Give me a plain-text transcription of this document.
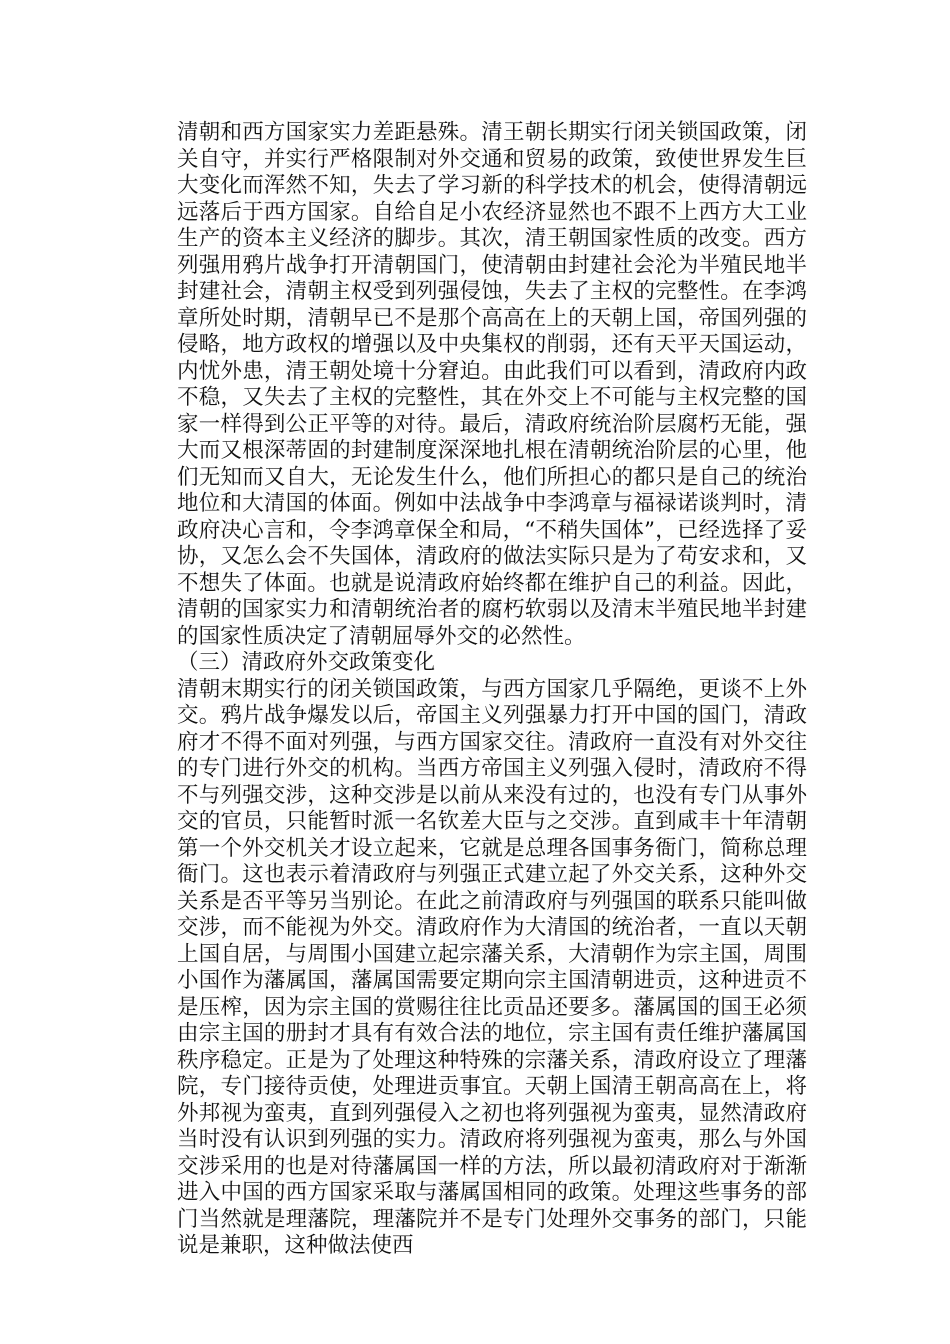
清朝和西方国家实力差距悬殊。清王朝长期实行闭关锁国政策，闭关自守，并实行严格限制对外交通和贸易的政策，致使世界发生巨大变化而浑然不知，失去了学习新的科学技术的机会，使得清朝远远落后于西方国家。自给自足小农经济显然也不跟不上西方大工业生产的资本主义经济的脚步。其次，清王朝国家性质的改变。西方列强用鸦片战争打开清朝国门，使清朝由封建社会沦为半殖民地半封建社会，清朝主权受到列强侵蚀，失去了主权的完整性。在李鸿章所处时期，清朝早已不是那个高高在上的天朝上国，帝国列强的侵略，地方政权的增强以及中央集权的削弱，还有天平天国运动，内忧外患，清王朝处境十分窘迫。由此我们可以看到，清政府内政不稳，又失去了主权的完整性，其在外交上不可能与主权完整的国家一样得到公正平等的对待。最后，清政府统治阶层腐朽无能，强大而又根深蒂固的封建制度深深地扎根在清朝统治阶层的心里，他们无知而又自大，无论发生什么，他们所担心的都只是自己的统治地位和大清国的体面。例如中法战争中李鸿章与福禄诺谈判时，清政府决心言和，令李鸿章保全和局，“不稍失国体”，已经选择了妥协，又怎么会不失国体，清政府的做法实际只是为了苟安求和，又不想失了体面。也就是说清政府始终都在维护自己的利益。因此，清朝的国家实力和清朝统治者的腐朽软弱以及清末半殖民地半封建的国家性质决定了清朝屈辱外交的必然性。

（三）清政府外交政策变化

清朝末期实行的闭关锁国政策，与西方国家几乎隔绝，更谈不上外交。鸦片战争爆发以后，帝国主义列强暴力打开中国的国门，清政府才不得不面对列强，与西方国家交往。清政府一直没有对外交往的专门进行外交的机构。当西方帝国主义列强入侵时，清政府不得不与列强交涉，这种交涉是以前从来没有过的，也没有专门从事外交的官员，只能暂时派一名钦差大臣与之交涉。直到咸丰十年清朝第一个外交机关才设立起来，它就是总理各国事务衙门，简称总理衙门。这也表示着清政府与列强正式建立起了外交关系，这种外交关系是否平等另当别论。在此之前清政府与列强国的联系只能叫做交涉，而不能视为外交。清政府作为大清国的统治者，一直以天朝上国自居，与周围小国建立起宗藩关系，大清朝作为宗主国，周围小国作为藩属国，藩属国需要定期向宗主国清朝进贡，这种进贡不是压榨，因为宗主国的赏赐往往比贡品还要多。藩属国的国王必须由宗主国的册封才具有有效合法的地位，宗主国有责任维护藩属国秩序稳定。正是为了处理这种特殊的宗藩关系，清政府设立了理藩院，专门接待贡使，处理进贡事宜。天朝上国清王朝高高在上，将外邦视为蛮夷，直到列强侵入之初也将列强视为蛮夷，显然清政府当时没有认识到列强的实力。清政府将列强视为蛮夷，那么与外国交涉采用的也是对待藩属国一样的方法，所以最初清政府对于渐渐进入中国的西方国家采取与藩属国相同的政策。处理这些事务的部门当然就是理藩院，理藩院并不是专门处理外交事务的部门，只能说是兼职，这种做法使西
